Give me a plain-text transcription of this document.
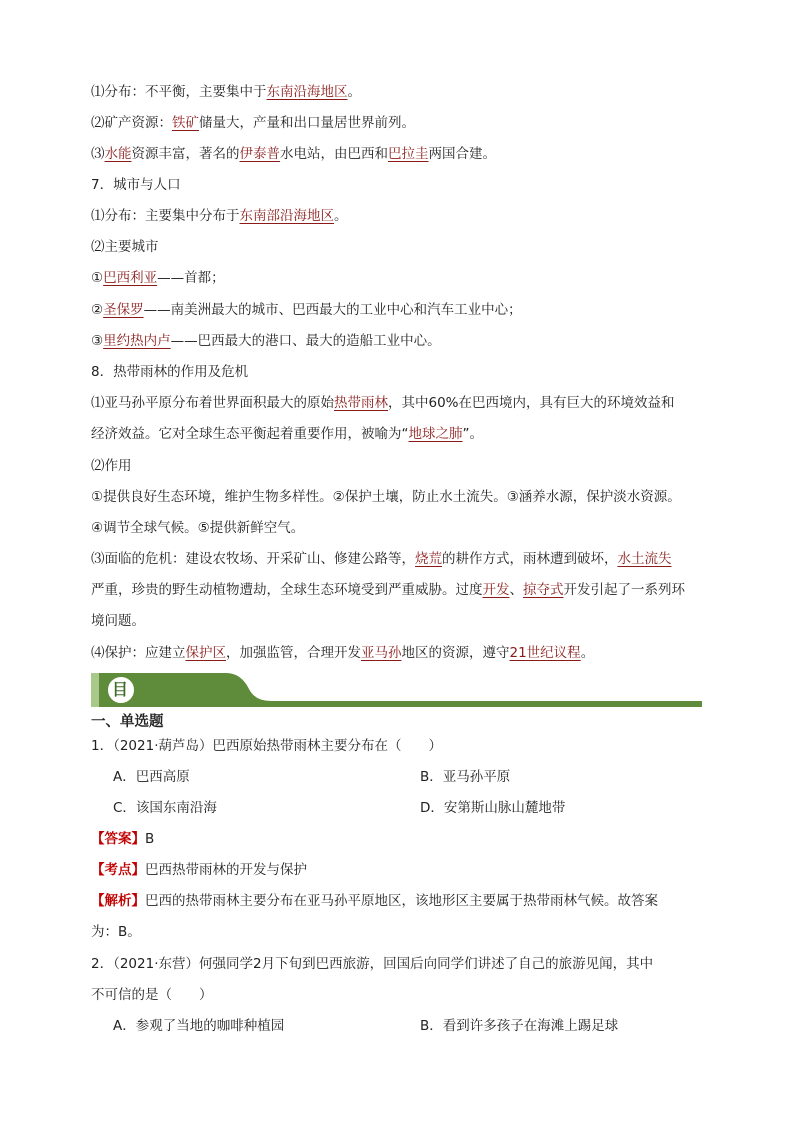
⑴分布：不平衡，主要集中于东南沿海地区。
⑵矿产资源：铁矿储量大，产量和出口量居世界前列。
⑶水能资源丰富，著名的伊泰普水电站，由巴西和巴拉圭两国合建。
7．城市与人口
⑴分布：主要集中分布于东南部沿海地区。
⑵主要城市
①巴西利亚——首都；
②圣保罗——南美洲最大的城市、巴西最大的工业中心和汽车工业中心；
③里约热内卢——巴西最大的港口、最大的造船工业中心。
8．热带雨林的作用及危机
⑴亚马孙平原分布着世界面积最大的原始热带雨林，其中60%在巴西境内，具有巨大的环境效益和
经济效益。它对全球生态平衡起着重要作用，被喻为“地球之肺”。
⑵作用
①提供良好生态环境，维护生物多样性。②保护土壤，防止水土流失。③涵养水源，保护淡水资源。
④调节全球气候。⑤提供新鲜空气。
⑶面临的危机：建设农牧场、开采矿山、修建公路等，烧荒的耕作方式，雨林遭到破坏，水土流失
严重，珍贵的野生动植物遭劫，全球生态环境受到严重威胁。过度开发、掠夺式开发引起了一系列环
境问题。
⑷保护：应建立保护区，加强监管，合理开发亚马孙地区的资源，遵守21世纪议程。
目
一、单选题
1．（2021·葫芦岛）巴西原始热带雨林主要分布在（　　）
A．巴西高原	B．亚马孙平原
C．该国东南沿海	D．安第斯山脉山麓地带
【答案】B
【考点】巴西热带雨林的开发与保护
【解析】巴西的热带雨林主要分布在亚马孙平原地区，该地形区主要属于热带雨林气候。故答案
为：B。
2．（2021·东营）何强同学2月下旬到巴西旅游，回国后向同学们讲述了自己的旅游见闻，其中
不可信的是（　　）
A．参观了当地的咖啡种植园	B．看到许多孩子在海滩上踢足球
